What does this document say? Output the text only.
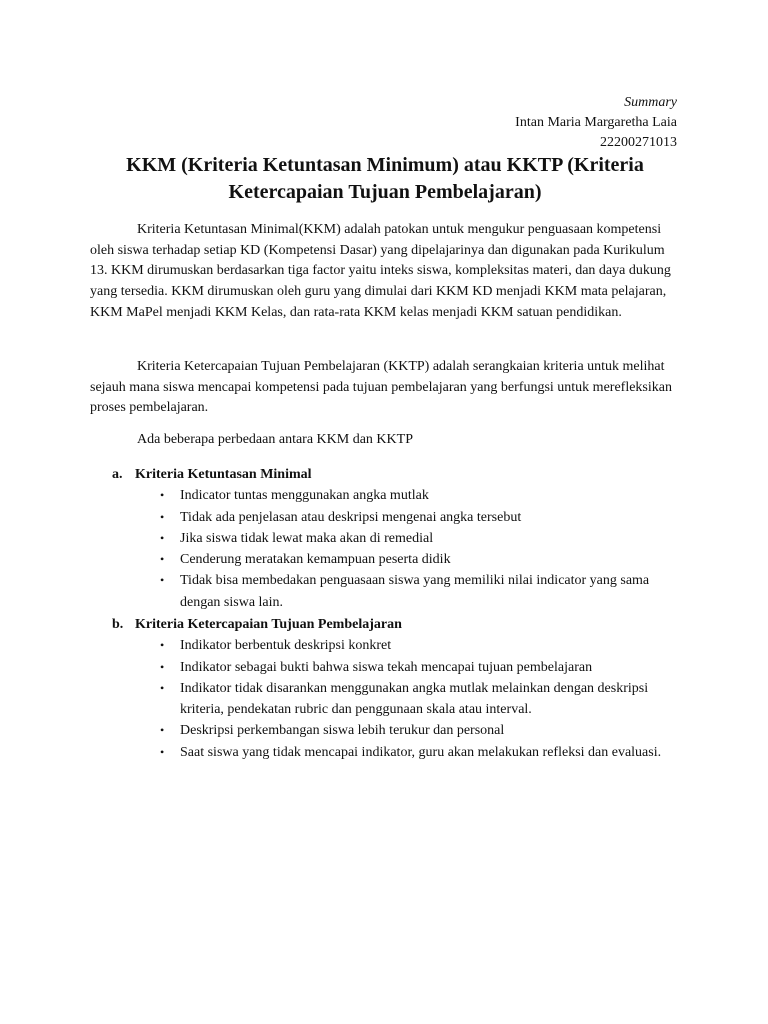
Summary
Intan Maria Margaretha Laia
22200271013
KKM (Kriteria Ketuntasan Minimum) atau KKTP (Kriteria
Ketercapaian Tujuan Pembelajaran)

Kriteria Ketuntasan Minimal(KKM) adalah patokan untuk mengukur penguasaan kompetensi oleh siswa terhadap setiap KD (Kompetensi Dasar) yang dipelajarinya dan digunakan pada Kurikulum 13. KKM dirumuskan berdasarkan tiga factor yaitu inteks siswa, kompleksitas materi, dan daya dukung yang tersedia. KKM dirumuskan oleh guru yang dimulai dari KKM KD menjadi KKM mata pelajaran, KKM MaPel menjadi KKM Kelas, dan rata-rata KKM kelas menjadi KKM satuan pendidikan.

Kriteria Ketercapaian Tujuan Pembelajaran (KKTP) adalah serangkaian kriteria untuk melihat sejauh mana siswa mencapai kompetensi pada tujuan pembelajaran yang berfungsi untuk merefleksikan proses pembelajaran.

Ada beberapa perbedaan antara KKM dan KKTP

a. Kriteria Ketuntasan Minimal
• Indicator tuntas menggunakan angka mutlak
• Tidak ada penjelasan atau deskripsi mengenai angka tersebut
• Jika siswa tidak lewat maka akan di remedial
• Cenderung meratakan kemampuan peserta didik
• Tidak bisa membedakan penguasaan siswa yang memiliki nilai indicator yang sama dengan siswa lain.
b. Kriteria Ketercapaian Tujuan Pembelajaran
• Indikator berbentuk deskripsi konkret
• Indikator sebagai bukti bahwa siswa tekah mencapai tujuan pembelajaran
• Indikator tidak disarankan menggunakan angka mutlak melainkan dengan deskripsi kriteria, pendekatan rubric dan penggunaan skala atau interval.
• Deskripsi perkembangan siswa lebih terukur dan personal
• Saat siswa yang tidak mencapai indikator, guru akan melakukan refleksi dan evaluasi.
